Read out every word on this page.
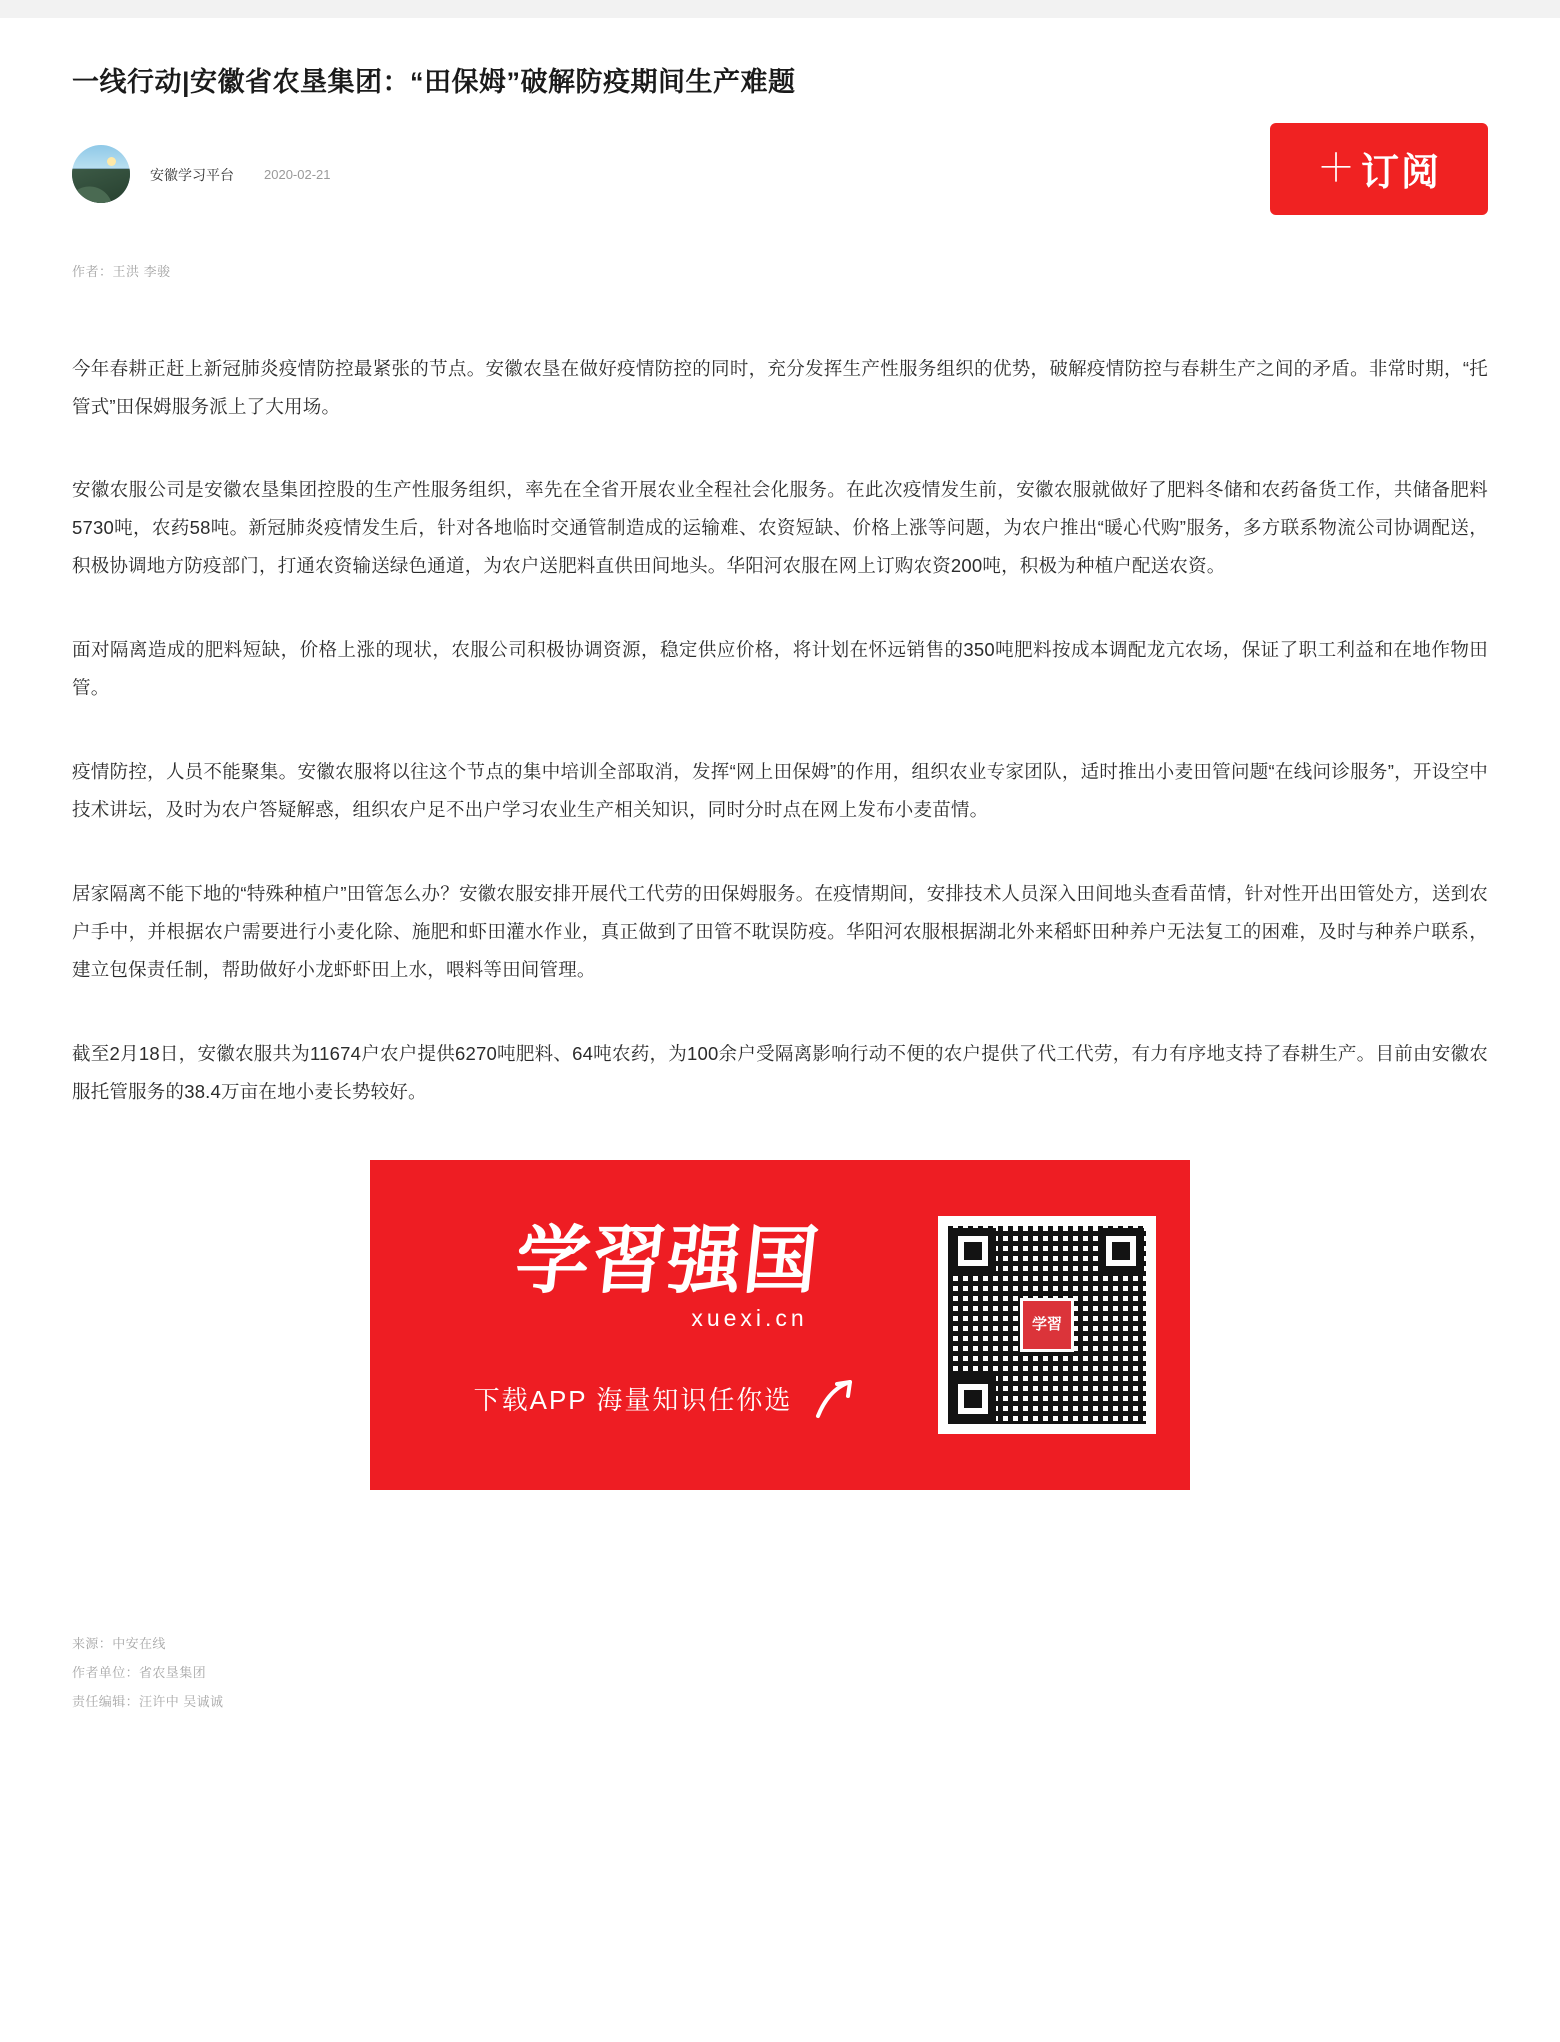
一线行动|安徽省农垦集团：“田保姆”破解防疫期间生产难题
安徽学习平台 2020-02-21	＋ 订阅
作者：王洪 李骏

今年春耕正赶上新冠肺炎疫情防控最紧张的节点。安徽农垦在做好疫情防控的同时，充分发挥生产性服务组织的优势，破解疫情防控与春耕生产之间的矛盾。非常时期，“托管式”田保姆服务派上了大用场。

安徽农服公司是安徽农垦集团控股的生产性服务组织，率先在全省开展农业全程社会化服务。在此次疫情发生前，安徽农服就做好了肥料冬储和农药备货工作，共储备肥料5730吨，农药58吨。新冠肺炎疫情发生后，针对各地临时交通管制造成的运输难、农资短缺、价格上涨等问题，为农户推出“暖心代购”服务，多方联系物流公司协调配送，积极协调地方防疫部门，打通农资输送绿色通道，为农户送肥料直供田间地头。华阳河农服在网上订购农资200吨，积极为种植户配送农资。

面对隔离造成的肥料短缺，价格上涨的现状，农服公司积极协调资源，稳定供应价格，将计划在怀远销售的350吨肥料按成本调配龙亢农场，保证了职工利益和在地作物田管。

疫情防控，人员不能聚集。安徽农服将以往这个节点的集中培训全部取消，发挥“网上田保姆”的作用，组织农业专家团队，适时推出小麦田管问题“在线问诊服务”，开设空中技术讲坛，及时为农户答疑解惑，组织农户足不出户学习农业生产相关知识，同时分时点在网上发布小麦苗情。

居家隔离不能下地的“特殊种植户”田管怎么办？安徽农服安排开展代工代劳的田保姆服务。在疫情期间，安排技术人员深入田间地头查看苗情，针对性开出田管处方，送到农户手中，并根据农户需要进行小麦化除、施肥和虾田灌水作业，真正做到了田管不耽误防疫。华阳河农服根据湖北外来稻虾田种养户无法复工的困难，及时与种养户联系，建立包保责任制，帮助做好小龙虾虾田上水，喂料等田间管理。

截至2月18日，安徽农服共为11674户农户提供6270吨肥料、64吨农药，为100余户受隔离影响行动不便的农户提供了代工代劳，有力有序地支持了春耕生产。目前由安徽农服托管服务的38.4万亩在地小麦长势较好。

学習强国
xuexi.cn
下载APP 海量知识任你选
学習
来源：中安在线
作者单位：省农垦集团
责任编辑：汪许中 吴诚诚
